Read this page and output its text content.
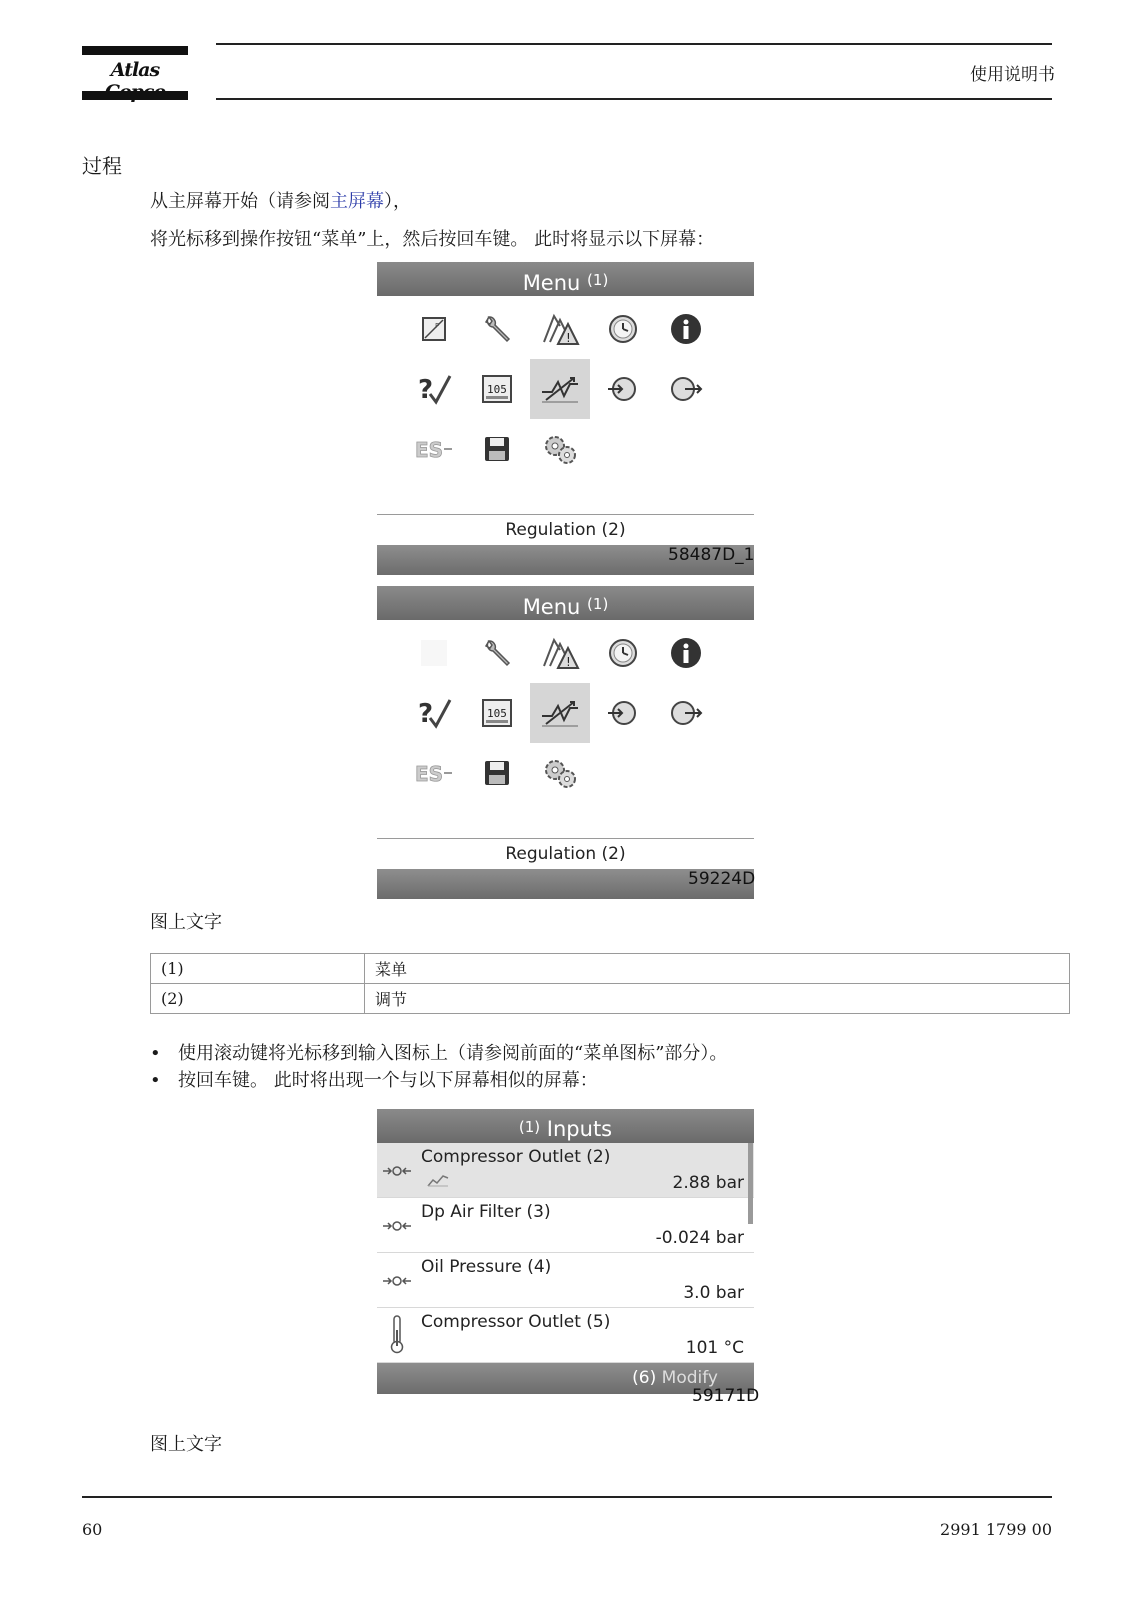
Atlas	使用说明书
过程
从主屏幕开始（请参阅主屏幕），
将光标移到操作按钮“菜单”上，然后按回车键。 此时将显示以下屏幕：
Menu $^{(1)}$
P
!
?	105
ES
Regulation (2)
58487D_1
Menu $^{(1)}$
!
?	105
ES
Regulation (2)
59224D
图上文字
(1)	菜单
(2)	调节
• 使用滚动键将光标移到输入图标上（请参阅前面的“菜单图标”部分）。
• 按回车键。 此时将出现一个与以下屏幕相似的屏幕：
(1) Inputs
Compressor Outlet (2)
2.88 bar
Dp Air Filter (3)
-0.024 bar
Oil Pressure (4)
3.0 bar
Compressor Outlet (5)
101 °C
(6) Modify
59171D
图上文字
60	2991 1799 00
